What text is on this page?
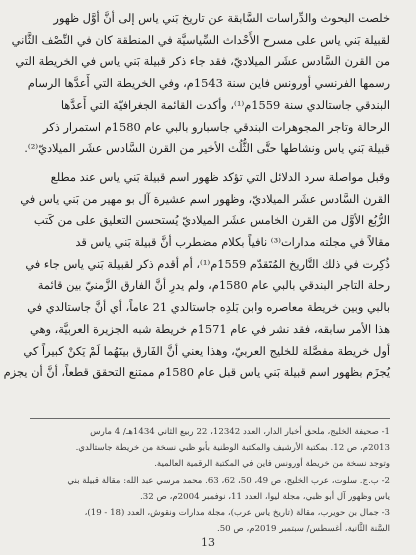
خلصت البحوث والدِّراسات السَّابقة عن تاريخ بَني ياس إلى أنَّ أوَّل ظهور
لقبيلة بَني ياس على مسرح الأَحْداث السِّياسيَّة في المنطقة كان في النِّصْف الثَّاني
من القرن السَّادس عشَر الميلاديّ، فقد جاء ذكر قبيلة بَني ياس في الخريطة التي
رسمها الفرنسي أورونس فاين سنة 1543م، وفي الخريطة التي أَعدَّها الرسام
البندقي جاستالدي سنة 1559م⁽¹⁾، وأكدت القائمة الجغرافيّة التي أَعدَّها
الرحالة وتاجر المجوهرات البندقي جاسبارو بالبي عام 1580م استمرار ذكر
قبيلة بَني ياس ونشاطها حتَّى الثُّلُث الأخير من القرن السَّادس عشَر الميلاديّ⁽²⁾.
وقبل مواصلة سرد الدلائل التي تؤكد ظهور اسم قبيلة بَني ياس عند مطلع
القرن السَّادس عشَر الميلاديّ، وظهور اسم عشيرة آل بو مهير من بَني ياس في
الرُّبُع الأوَّل من القرن الخامس عشَر الميلاديّ يُستحسن التعليق على من كَتب
مقالاً في مجلته مدارات⁽³⁾ نافياً بكلام مضطرب أنَّ قبيلة بَني ياس قد
ذُكِرت في ذلك التَّاريخ المُتَقدّم 1559م⁽¹⁾، أم أقدم ذكر لقبيلة بَني ياس جاء في
رحلة التاجر البندقي بالبي عام 1580م، ولم يدرِ أنَّ الفارق الزَّمنيّ بين قائمة
بالبي وبين خريطة معاصره وابن بَلدِه جاستالدي 21 عاماً، أي أنَّ جاستالدي في
هذا الأمر سابقه، فقد نشر في عام 1571م خريطة شبه الجزيرة العربيَّة، وهي
أول خريطة مفصَّلة للخليج العربيّ، وهذا يعني أنَّ الفَارق بينَهُما لَمْ يَكنْ كبيراً كي
يُجزَم بظهور اسم قبيلة بَني ياس قبل عام 1580م ممتنع التحقق قطعاً، أنَّ أن يجزم

1- صحيفة الخليج، ملحق أخبار الدار، العدد 12342، 22 ربيع الثاني 1434هـ/ 4 مارس
2013م، ص 12. بمكتبة الأرشيف والمكتبة الوطنية بأبو ظبي نسخة من خريطة جاستالدي.

وتوجد نسخة من خريطة أورونس فاين في المكتبة الرقمية العالمية.

2- ب.ج. سلوت، عرب الخليج، ص 49، 50، 62، 63. محمد مرسي عبد الله: مقالة قبيلة بني
ياس وظهور آل أبو ظبي، مجلة ليوا، العدد 11، نوفمبر 2004م، ص 32.

3- جمال بن حويرب، مقالة (تاريخ ياس عرب)، مجلة مدارات ونقوش، العدد (18 - 19)،
السَّنة الثَّانية، أغسطس/ سبتمبر 2019م، ص 50.

13
